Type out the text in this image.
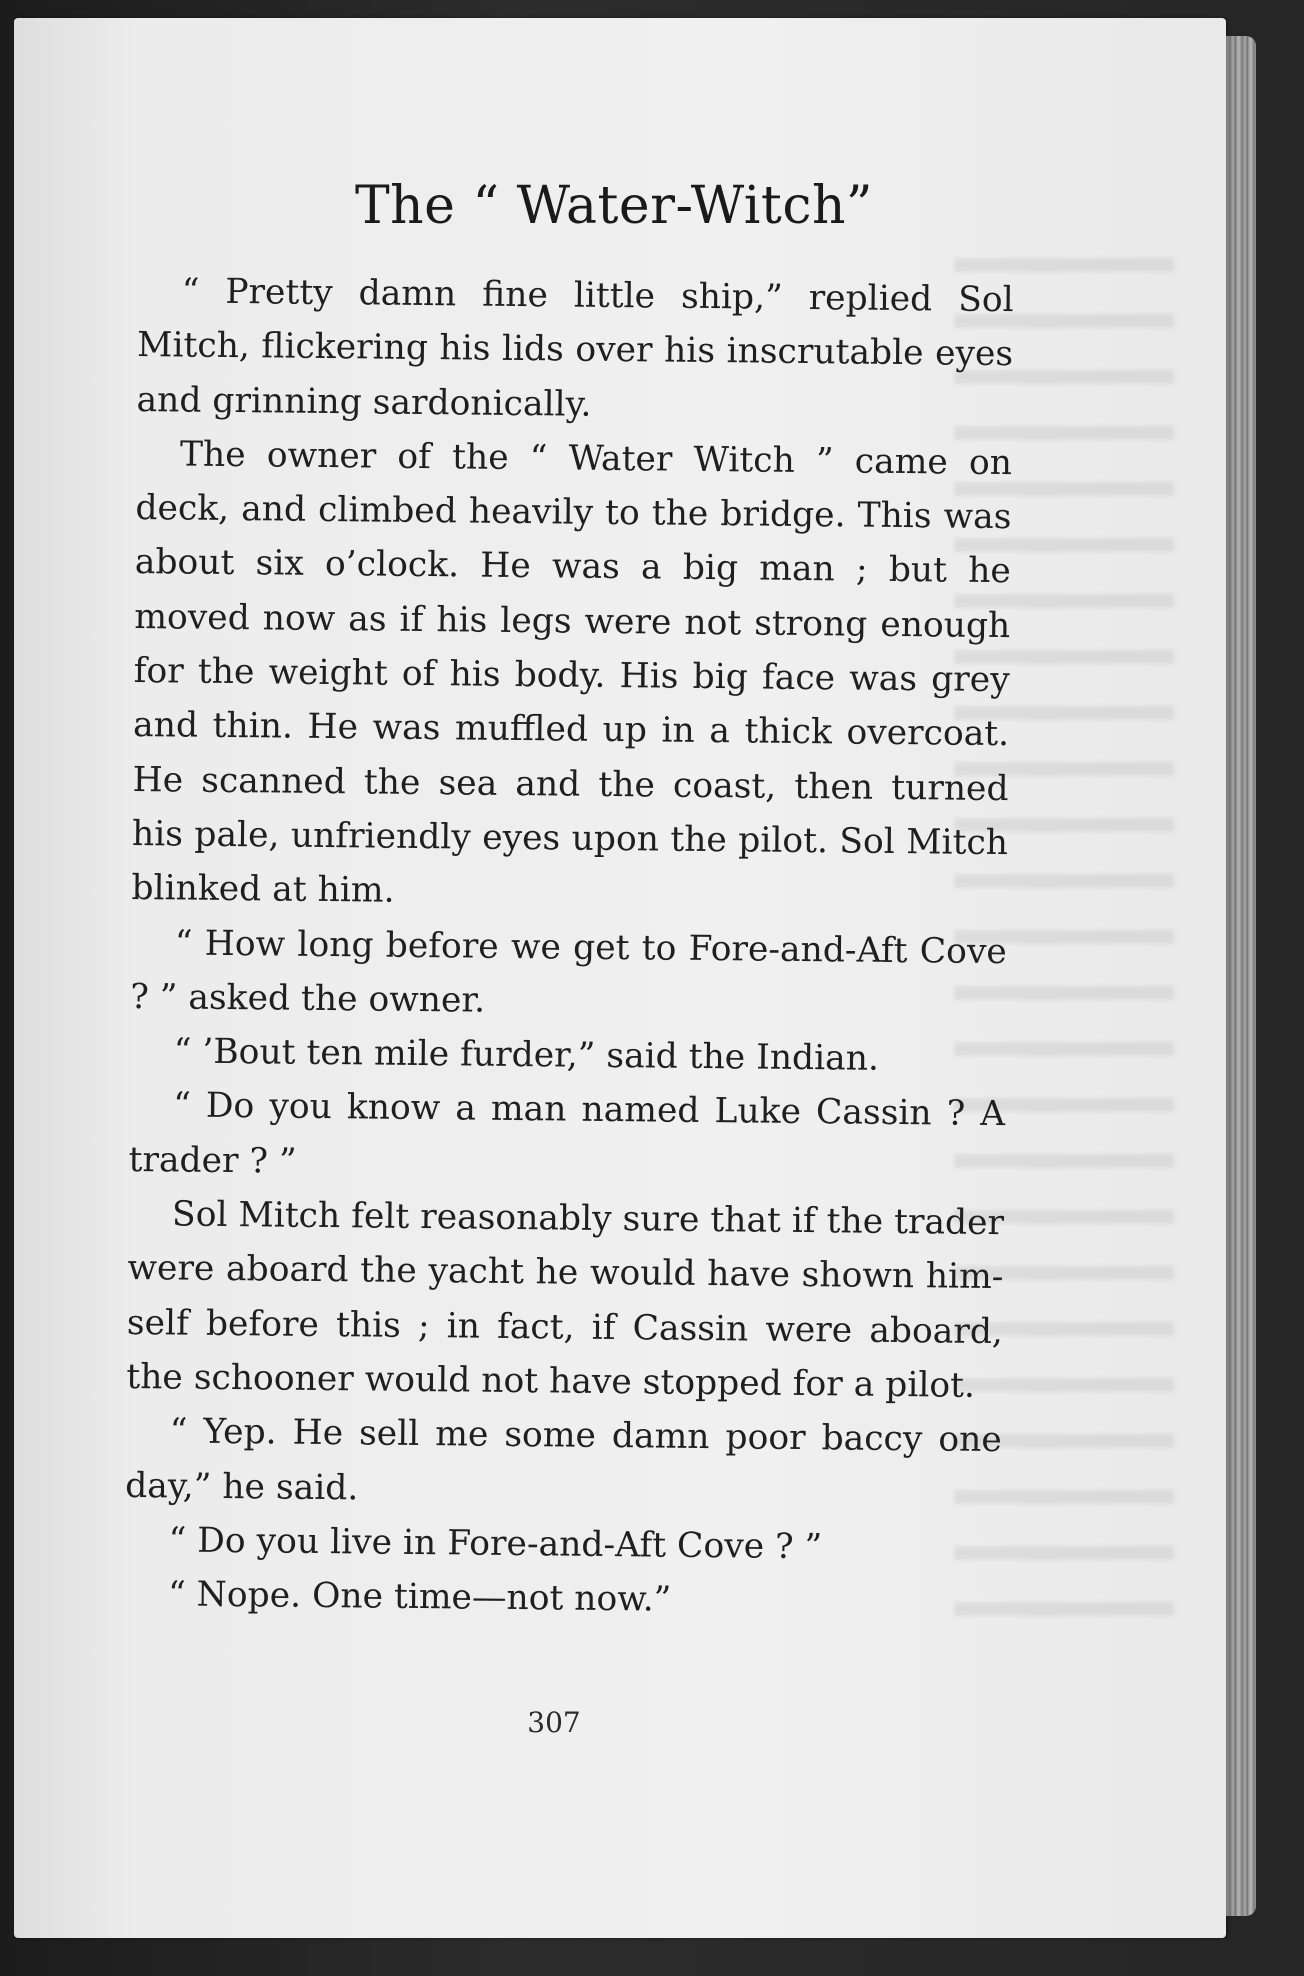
The “ Water-Witch”

“ Pretty damn fine little ship,” replied Sol Mitch, flickering his lids over his inscrutable eyes and grinning sardonically.

The owner of the “ Water Witch ” came on deck, and climbed heavily to the bridge. This was about six o’clock. He was a big man ; but he moved now as if his legs were not strong enough for the weight of his body. His big face was grey and thin. He was muffled up in a thick overcoat. He scanned the sea and the coast, then turned his pale, unfriendly eyes upon the pilot. Sol Mitch blinked at him.

“ How long before we get to Fore-and-Aft Cove ? ” asked the owner.

“ ’Bout ten mile furder,” said the Indian.

“ Do you know a man named Luke Cassin ? A trader ? ”

Sol Mitch felt reasonably sure that if the trader were aboard the yacht he would have shown him-self before this ; in fact, if Cassin were aboard, the schooner would not have stopped for a pilot.

“ Yep. He sell me some damn poor baccy one day,” he said.

“ Do you live in Fore-and-Aft Cove ? ”

“ Nope. One time—not now.”

307
